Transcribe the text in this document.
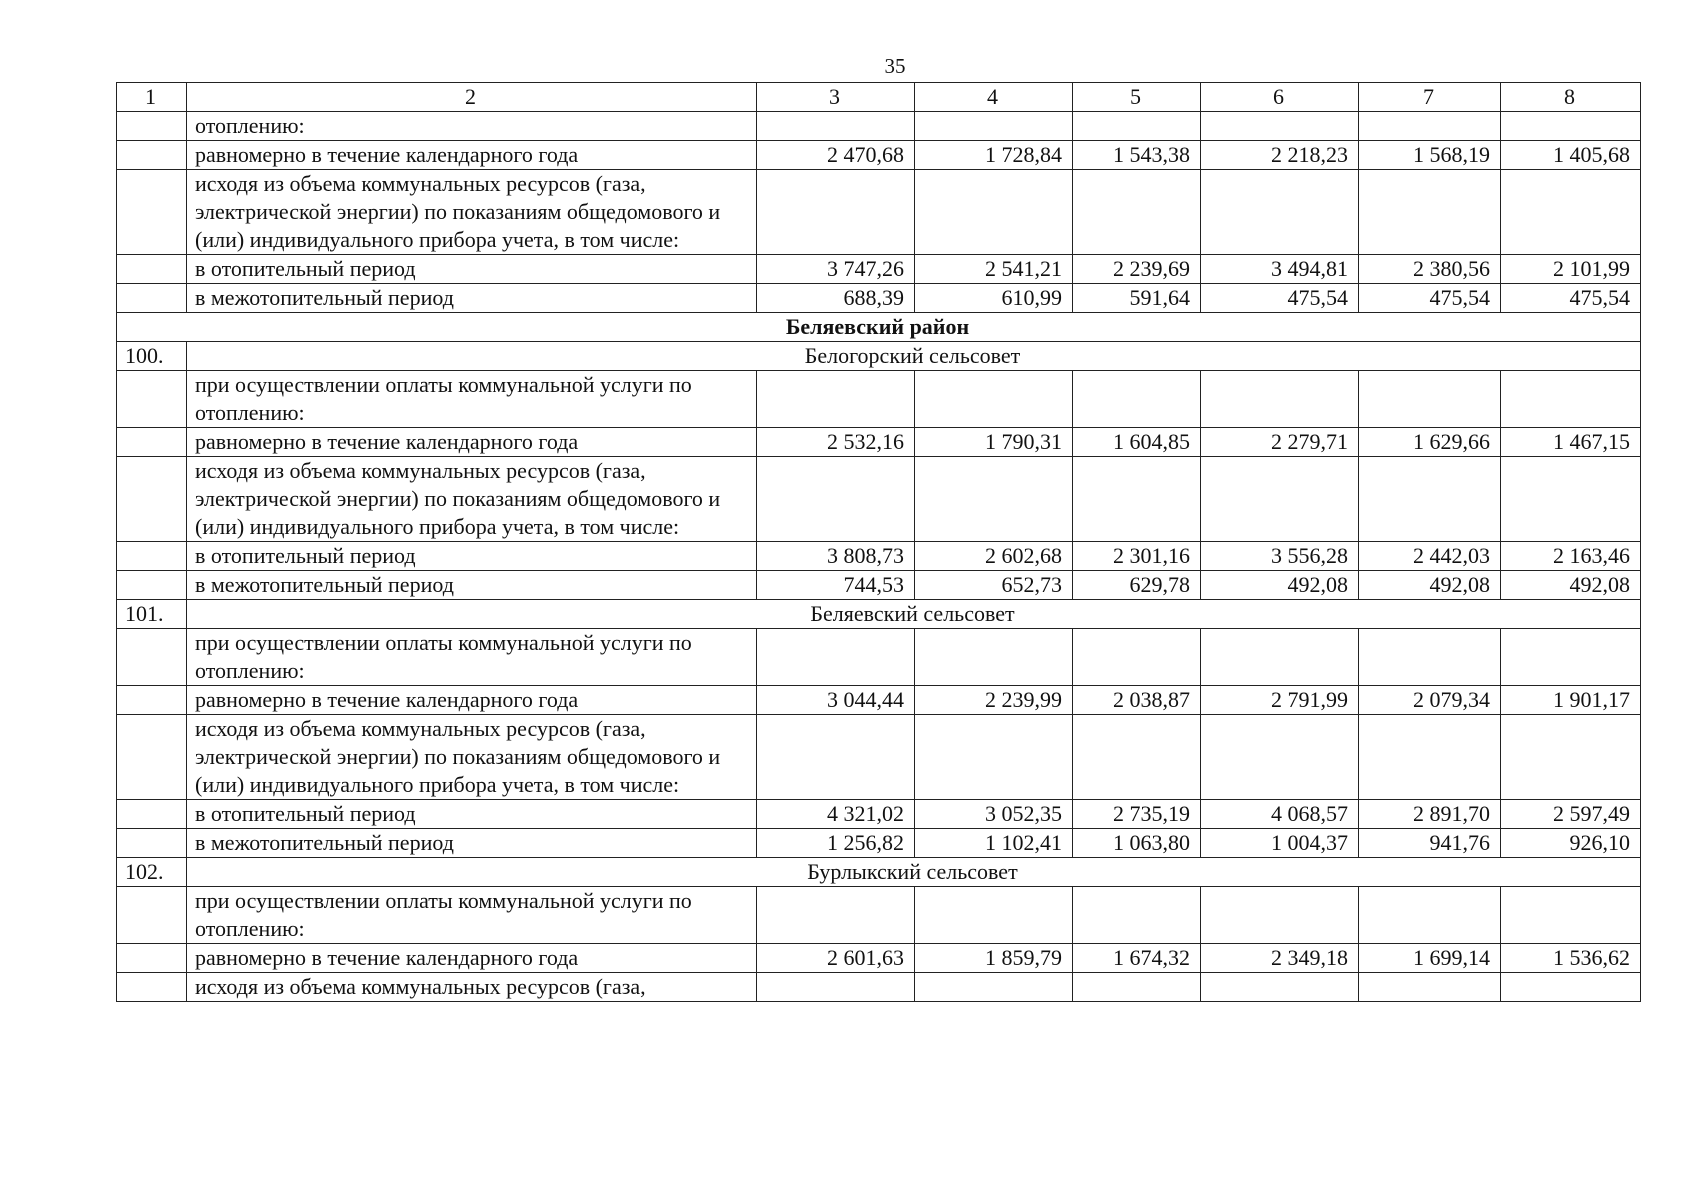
35
1	2	3	4	5	6	7	8
	отоплению:						
	равномерно в течение календарного года	2 470,68	1 728,84	1 543,38	2 218,23	1 568,19	1 405,68
	исходя из объема коммунальных ресурсов (газа, электрической энергии) по показаниям общедомового и (или) индивидуального прибора учета, в том числе:						
	в отопительный период	3 747,26	2 541,21	2 239,69	3 494,81	2 380,56	2 101,99
	в межотопительный период	688,39	610,99	591,64	475,54	475,54	475,54
Беляевский район							
100.	Белогорский сельсовет						
	при осуществлении оплаты коммунальной услуги по отоплению:						
	равномерно в течение календарного года	2 532,16	1 790,31	1 604,85	2 279,71	1 629,66	1 467,15
	исходя из объема коммунальных ресурсов (газа, электрической энергии) по показаниям общедомового и (или) индивидуального прибора учета, в том числе:						
	в отопительный период	3 808,73	2 602,68	2 301,16	3 556,28	2 442,03	2 163,46
	в межотопительный период	744,53	652,73	629,78	492,08	492,08	492,08
101.	Беляевский сельсовет						
	при осуществлении оплаты коммунальной услуги по отоплению:						
	равномерно в течение календарного года	3 044,44	2 239,99	2 038,87	2 791,99	2 079,34	1 901,17
	исходя из объема коммунальных ресурсов (газа, электрической энергии) по показаниям общедомового и (или) индивидуального прибора учета, в том числе:						
	в отопительный период	4 321,02	3 052,35	2 735,19	4 068,57	2 891,70	2 597,49
	в межотопительный период	1 256,82	1 102,41	1 063,80	1 004,37	941,76	926,10
102.	Бурлыкский сельсовет						
	при осуществлении оплаты коммунальной услуги по отоплению:						
	равномерно в течение календарного года	2 601,63	1 859,79	1 674,32	2 349,18	1 699,14	1 536,62
	исходя из объема коммунальных ресурсов (газа,						
